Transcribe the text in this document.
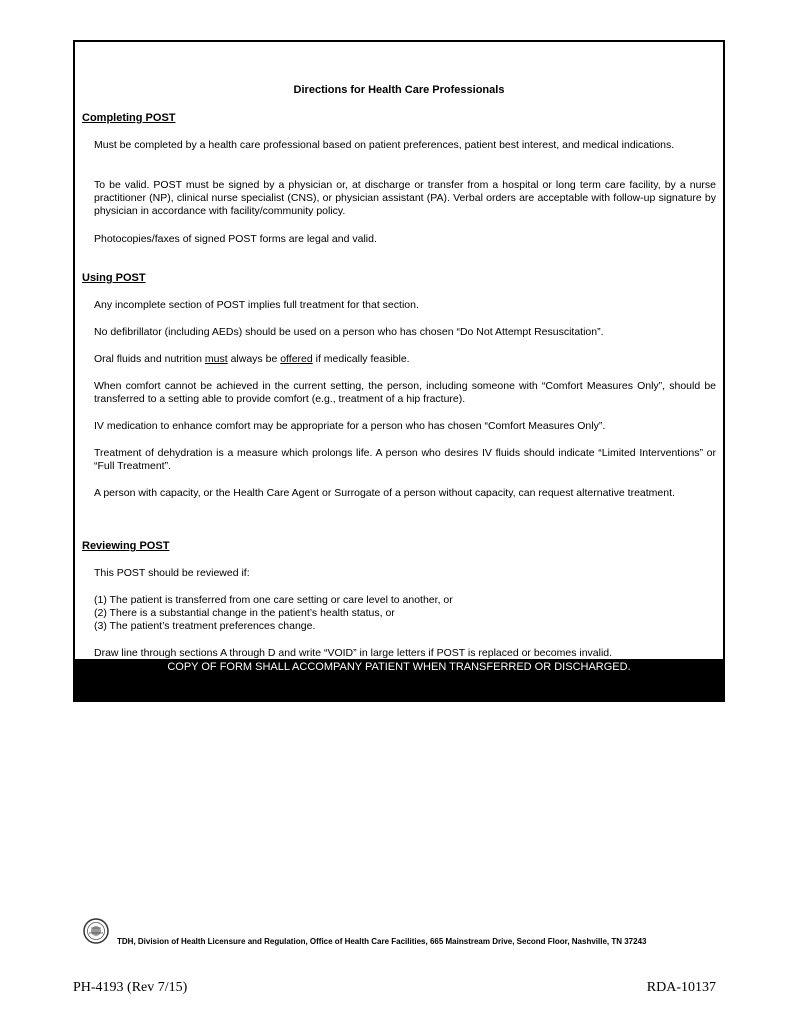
Directions for Health Care Professionals
Completing POST
Must be completed by a health care professional based on patient preferences, patient best interest, and medical indications.
To be valid. POST must be signed by a physician or, at discharge or transfer from a hospital or long term care facility, by a nurse practitioner (NP), clinical nurse specialist (CNS), or physician assistant (PA). Verbal orders are acceptable with follow-up signature by physician in accordance with facility/community policy.
Photocopies/faxes of signed POST forms are legal and valid.
Using POST
Any incomplete section of POST implies full treatment for that section.
No defibrillator (including AEDs) should be used on a person who has chosen “Do Not Attempt Resuscitation”.
Oral fluids and nutrition must always be offered if medically feasible.
When comfort cannot be achieved in the current setting, the person, including someone with “Comfort Measures Only”, should be transferred to a setting able to provide comfort (e.g., treatment of a hip fracture).
IV medication to enhance comfort may be appropriate for a person who has chosen “Comfort Measures Only”.
Treatment of dehydration is a measure which prolongs life. A person who desires IV fluids should indicate “Limited Interventions” or “Full Treatment”.
A person with capacity, or the Health Care Agent or Surrogate of a person without capacity, can request alternative treatment.
Reviewing POST
This POST should be reviewed if:
(1) The patient is transferred from one care setting or care level to another, or
(2) There is a substantial change in the patient’s health status, or
(3) The patient’s treatment preferences change.
Draw line through sections A through D and write “VOID” in large letters if POST is replaced or becomes invalid.
COPY OF FORM SHALL ACCOMPANY PATIENT WHEN TRANSFERRED OR DISCHARGED.
TDH, Division of Health Licensure and Regulation, Office of Health Care Facilities, 665 Mainstream Drive, Second Floor, Nashville, TN 37243
PH-4193 (Rev 7/15)	RDA-10137
